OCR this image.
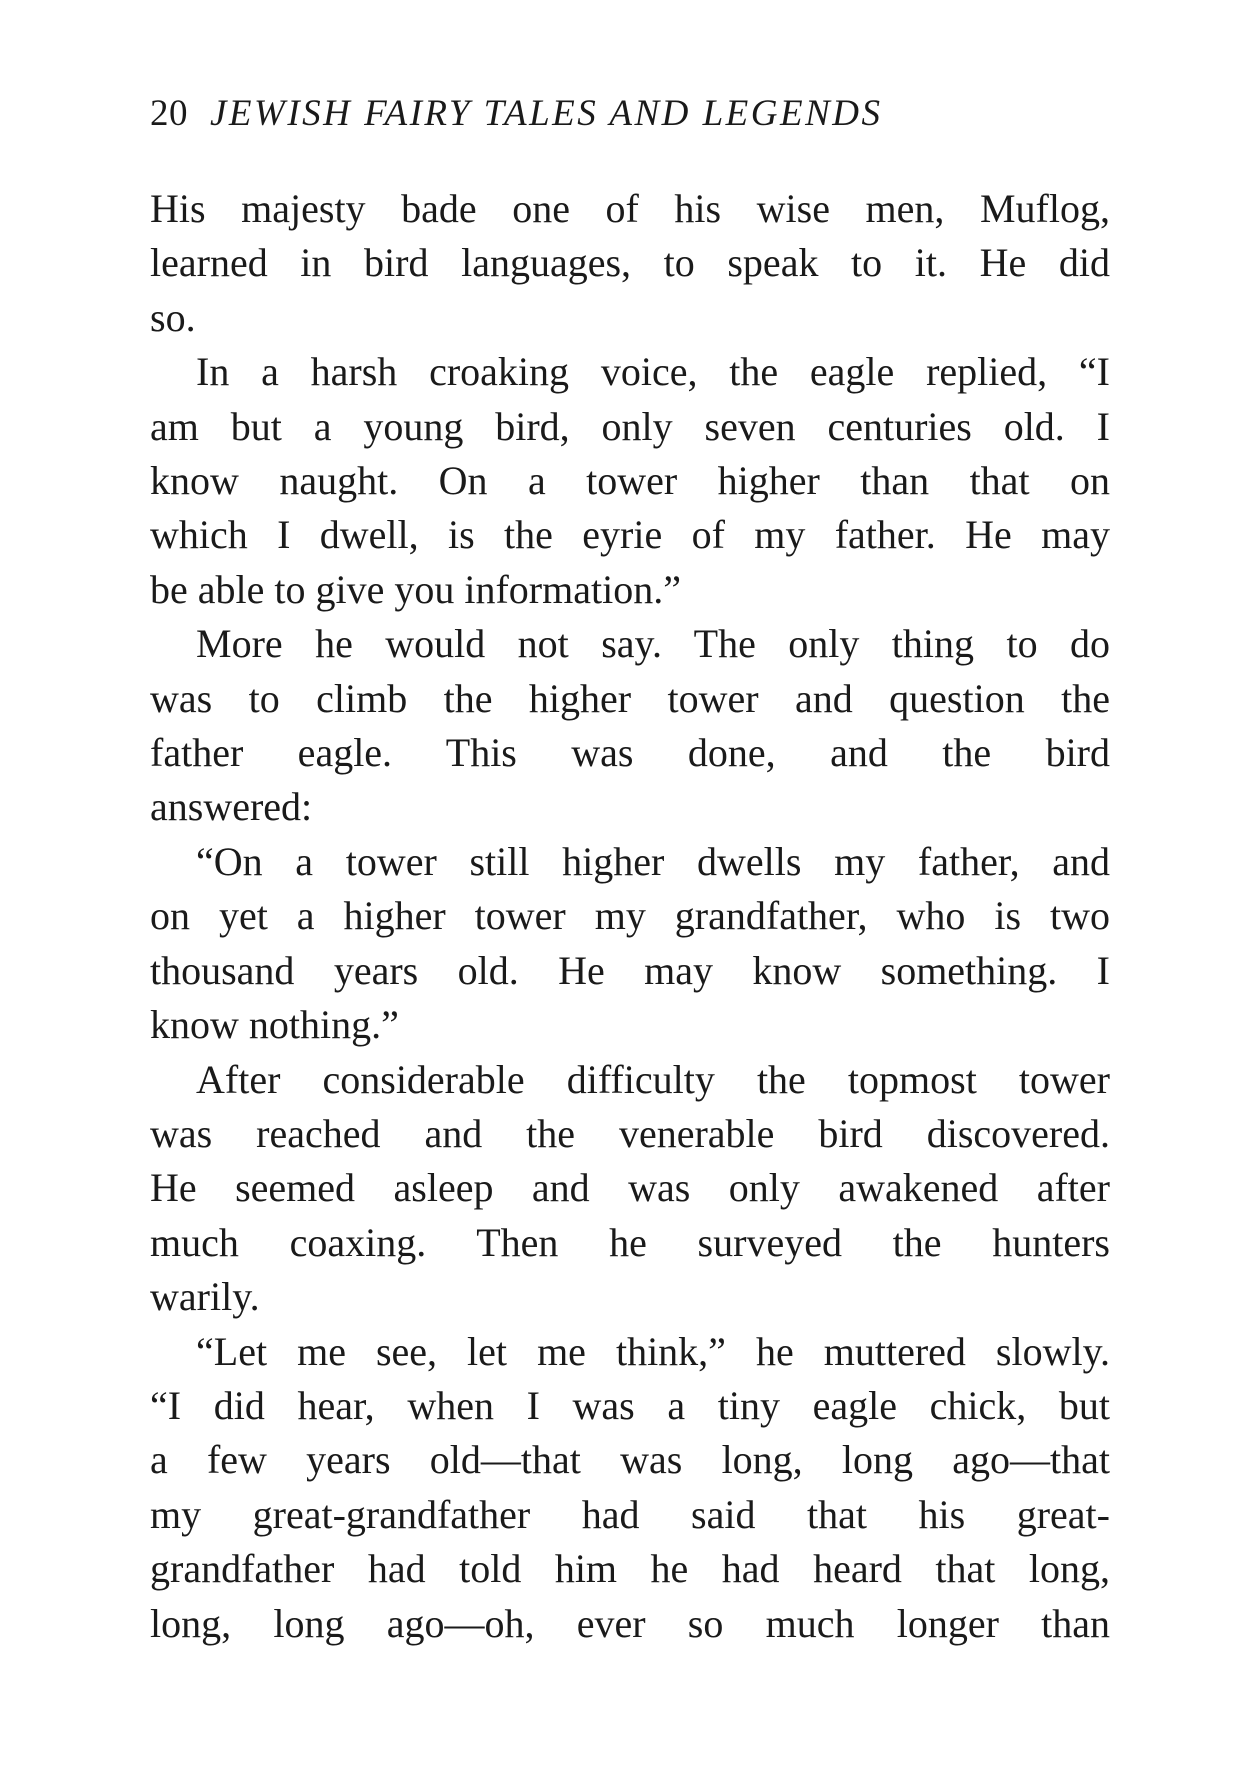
20 JEWISH FAIRY TALES AND LEGENDS

His majesty bade one of his wise men, Muflog,

learned in bird languages, to speak to it. He did

so.

In a harsh croaking voice, the eagle replied, “I

am but a young bird, only seven centuries old. I

know naught. On a tower higher than that on

which I dwell, is the eyrie of my father. He may

be able to give you information.”

More he would not say. The only thing to do

was to climb the higher tower and question the

father eagle. This was done, and the bird

answered:

“On a tower still higher dwells my father, and

on yet a higher tower my grandfather, who is two

thousand years old. He may know something. I

know nothing.”

After considerable difficulty the topmost tower

was reached and the venerable bird discovered.

He seemed asleep and was only awakened after

much coaxing. Then he surveyed the hunters

warily.

“Let me see, let me think,” he muttered slowly.

“I did hear, when I was a tiny eagle chick, but

a few years old—that was long, long ago—that

my great-grandfather had said that his great-

grandfather had told him he had heard that long,

long, long ago—oh, ever so much longer than
